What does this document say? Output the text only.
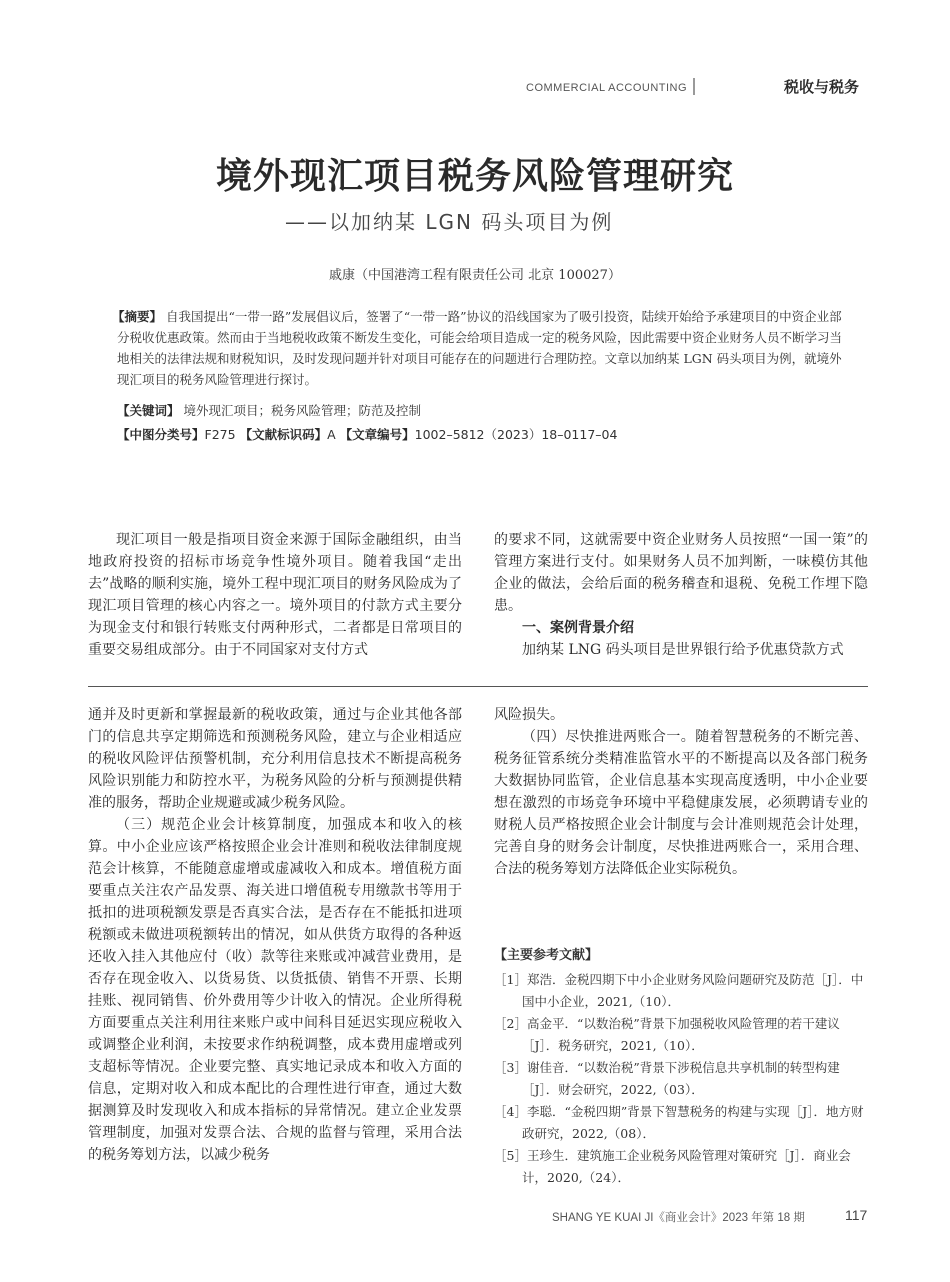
COMMERCIAL ACCOUNTING	税收与税务
境外现汇项目税务风险管理研究
——以加纳某 LGN 码头项目为例
戚康（中国港湾工程有限责任公司 北京 100027）
【摘要】 自我国提出“一带一路”发展倡议后，签署了“一带一路”协议的沿线国家为了吸引投资，陆续开始给予承建项目的中资企业部分税收优惠政策。然而由于当地税收政策不断发生变化，可能会给项目造成一定的税务风险，因此需要中资企业财务人员不断学习当地相关的法律法规和财税知识，及时发现问题并针对项目可能存在的问题进行合理防控。文章以加纳某 LGN 码头项目为例，就境外现汇项目的税务风险管理进行探讨。
【关键词】 境外现汇项目；税务风险管理；防范及控制
【中图分类号】F275 【文献标识码】A 【文章编号】1002–5812（2023）18–0117–04

现汇项目一般是指项目资金来源于国际金融组织，由当地政府投资的招标市场竞争性境外项目。随着我国“走出去”战略的顺利实施，境外工程中现汇项目的财务风险成为了现汇项目管理的核心内容之一。境外项目的付款方式主要分为现金支付和银行转账支付两种形式，二者都是日常项目的重要交易组成部分。由于不同国家对支付方式

的要求不同，这就需要中资企业财务人员按照“一国一策”的管理方案进行支付。如果财务人员不加判断，一味模仿其他企业的做法，会给后面的税务稽查和退税、免税工作埋下隐患。

一、案例背景介绍

加纳某 LNG 码头项目是世界银行给予优惠贷款方式

通并及时更新和掌握最新的税收政策，通过与企业其他各部门的信息共享定期筛选和预测税务风险，建立与企业相适应的税收风险评估预警机制，充分利用信息技术不断提高税务风险识别能力和防控水平，为税务风险的分析与预测提供精准的服务，帮助企业规避或减少税务风险。

（三）规范企业会计核算制度，加强成本和收入的核算。中小企业应该严格按照企业会计准则和税收法律制度规范会计核算，不能随意虚增或虚减收入和成本。增值税方面要重点关注农产品发票、海关进口增值税专用缴款书等用于抵扣的进项税额发票是否真实合法，是否存在不能抵扣进项税额或未做进项税额转出的情况，如从供货方取得的各种返还收入挂入其他应付（收）款等往来账或冲减营业费用，是否存在现金收入、以货易货、以货抵债、销售不开票、长期挂账、视同销售、价外费用等少计收入的情况。企业所得税方面要重点关注利用往来账户或中间科目延迟实现应税收入或调整企业利润，未按要求作纳税调整，成本费用虚增或列支超标等情况。企业要完整、真实地记录成本和收入方面的信息，定期对收入和成本配比的合理性进行审查，通过大数据测算及时发现收入和成本指标的异常情况。建立企业发票管理制度，加强对发票合法、合规的监督与管理，采用合法的税务筹划方法，以减少税务

风险损失。

（四）尽快推进两账合一。随着智慧税务的不断完善、税务征管系统分类精准监管水平的不断提高以及各部门税务大数据协同监管，企业信息基本实现高度透明，中小企业要想在激烈的市场竞争环境中平稳健康发展，必须聘请专业的财税人员严格按照企业会计制度与会计准则规范会计处理，完善自身的财务会计制度，尽快推进两账合一，采用合理、合法的税务筹划方法降低企业实际税负。

【主要参考文献】
［1］郑浩．金税四期下中小企业财务风险问题研究及防范［J］．中国中小企业，2021,（10）．
［2］高金平．“以数治税”背景下加强税收风险管理的若干建议［J］．税务研究，2021,（10）．
［3］谢佳音．“以数治税”背景下涉税信息共享机制的转型构建［J］．财会研究，2022,（03）．
［4］李聪．“金税四期”背景下智慧税务的构建与实现［J］．地方财政研究，2022,（08）．
［5］王珍生．建筑施工企业税务风险管理对策研究［J］．商业会计，2020,（24）．
SHANG YE KUAI JI《商业会计》2023 年第 18 期	117
